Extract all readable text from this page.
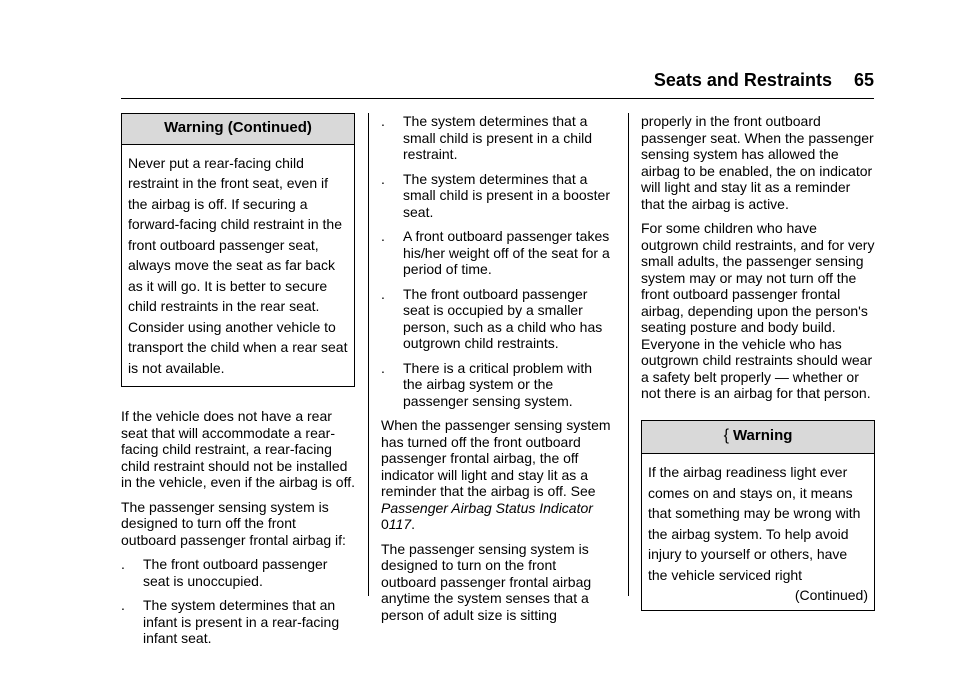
Seats and Restraints 65
Warning (Continued)
Never put a rear-facing child restraint in the front seat, even if the airbag is off. If securing a forward-facing child restraint in the front outboard passenger seat, always move the seat as far back as it will go. It is better to secure child restraints in the rear seat. Consider using another vehicle to transport the child when a rear seat is not available.

If the vehicle does not have a rear seat that will accommodate a rear-facing child restraint, a rear-facing child restraint should not be installed in the vehicle, even if the airbag is off.

The passenger sensing system is designed to turn off the front outboard passenger frontal airbag if:

.	The front outboard passenger seat is unoccupied.
.	The system determines that an infant is present in a rear-facing infant seat.
.	The system determines that a small child is present in a child restraint.
.	The system determines that a small child is present in a booster seat.
.	A front outboard passenger takes his/her weight off of the seat for a period of time.
.	The front outboard passenger seat is occupied by a smaller person, such as a child who has outgrown child restraints.
.	There is a critical problem with the airbag system or the passenger sensing system.

When the passenger sensing system has turned off the front outboard passenger frontal airbag, the off indicator will light and stay lit as a reminder that the airbag is off. See Passenger Airbag Status Indicator 0117.

The passenger sensing system is designed to turn on the front outboard passenger frontal airbag anytime the system senses that a person of adult size is sitting

properly in the front outboard passenger seat. When the passenger sensing system has allowed the airbag to be enabled, the on indicator will light and stay lit as a reminder that the airbag is active.

For some children who have outgrown child restraints, and for very small adults, the passenger sensing system may or may not turn off the front outboard passenger frontal airbag, depending upon the person's seating posture and body build. Everyone in the vehicle who has outgrown child restraints should wear a safety belt properly — whether or not there is an airbag for that person.

{ Warning
If the airbag readiness light ever comes on and stays on, it means that something may be wrong with the airbag system. To help avoid injury to yourself or others, have the vehicle serviced right
(Continued)
